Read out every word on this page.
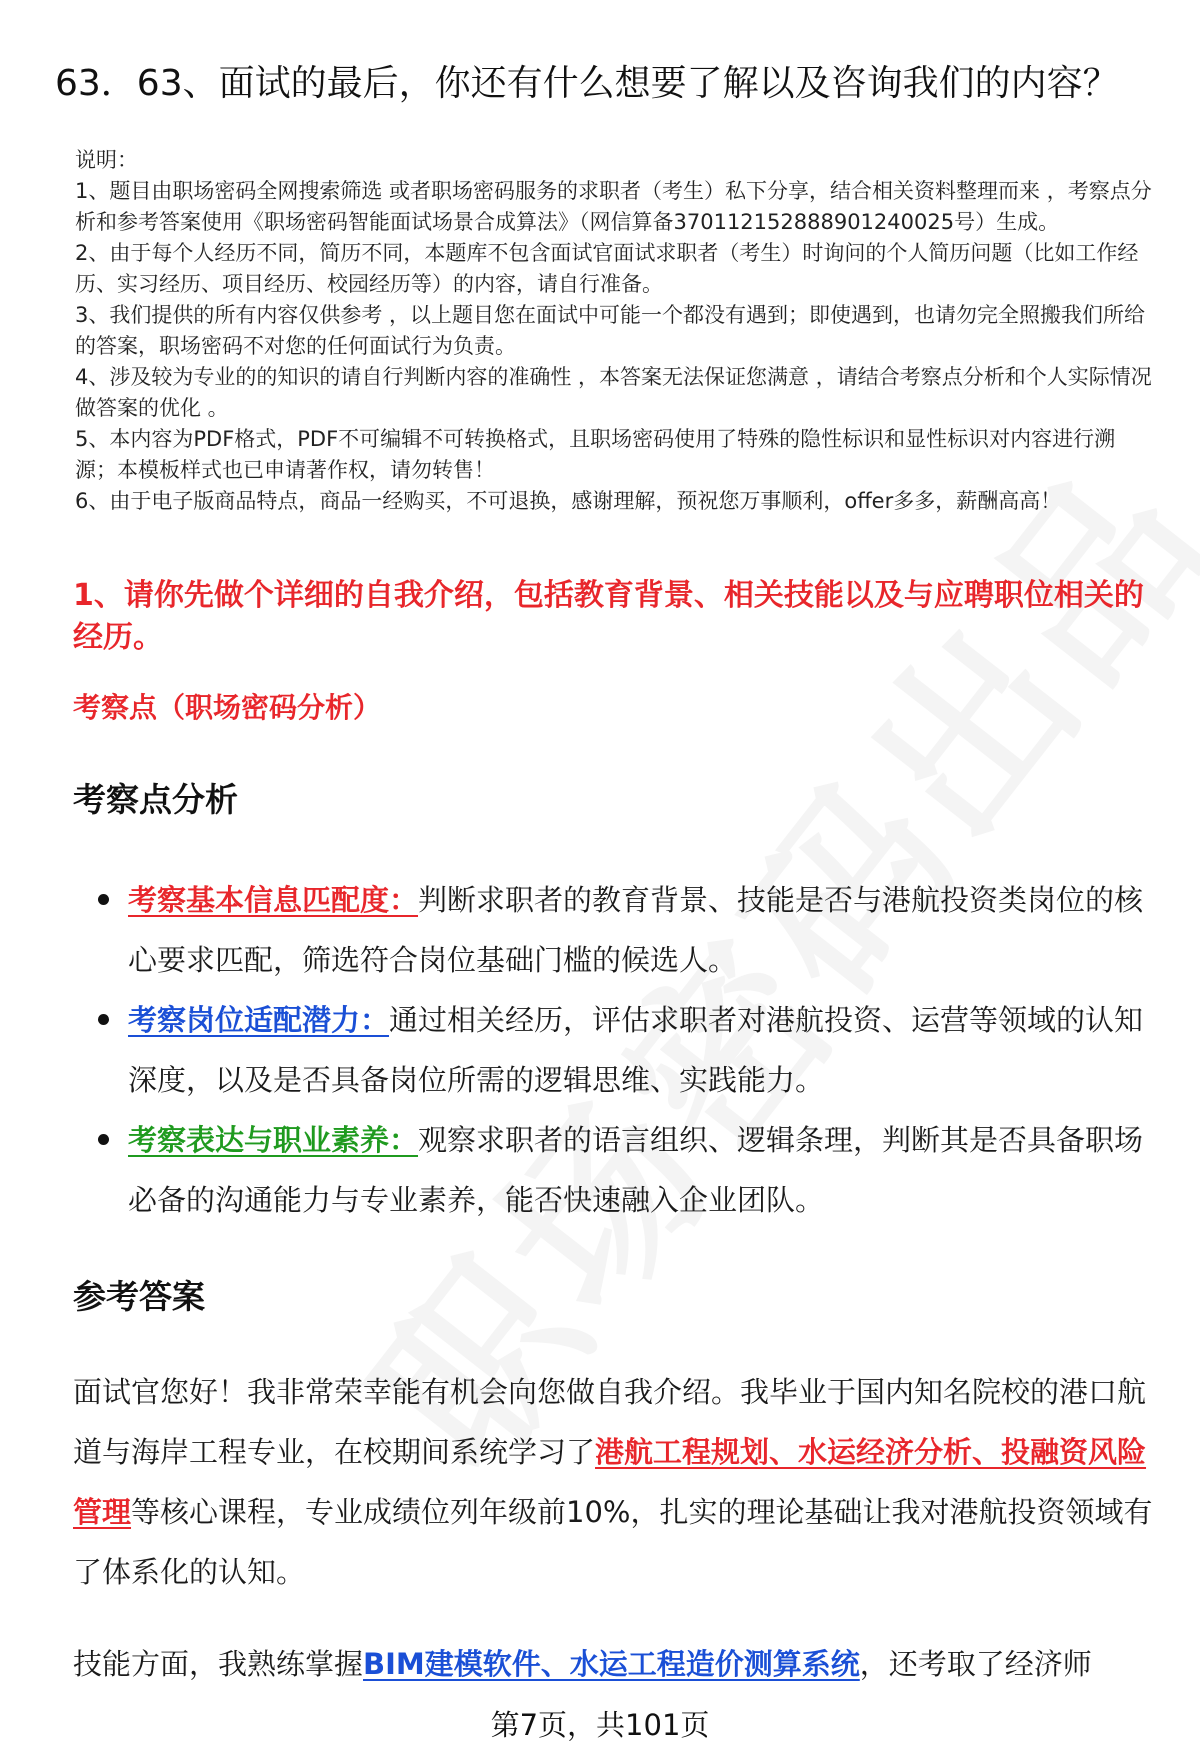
63．63、面试的最后，你还有什么想要了解以及咨询我们的内容？

说明：

1、题目由职场密码全网搜索筛选 或者职场密码服务的求职者（考生）私下分享，结合相关资料整理而来 ，考察点分析和参考答案使用《职场密码智能面试场景合成算法》（网信算备370112152888901240025号）生成。

2、由于每个人经历不同，简历不同，本题库不包含面试官面试求职者（考生）时询问的个人简历问题（比如工作经历、实习经历、项目经历、校园经历等）的内容，请自行准备。

3、我们提供的所有内容仅供参考 ，以上题目您在面试中可能一个都没有遇到；即使遇到，也请勿完全照搬我们所给的答案，职场密码不对您的任何面试行为负责。

4、涉及较为专业的的知识的请自行判断内容的准确性 ，本答案无法保证您满意 ，请结合考察点分析和个人实际情况做答案的优化 。

5、本内容为PDF格式，PDF不可编辑不可转换格式，且职场密码使用了特殊的隐性标识和显性标识对内容进行溯源；本模板样式也已申请著作权，请勿转售！

6、由于电子版商品特点，商品一经购买，不可退换，感谢理解，预祝您万事顺利，offer多多，薪酬高高！

1、请你先做个详细的自我介绍，包括教育背景、相关技能以及与应聘职位相关的经历。
考察点（职场密码分析）
考察点分析
考察基本信息匹配度：判断求职者的教育背景、技能是否与港航投资类岗位的核心要求匹配，筛选符合岗位基础门槛的候选人。
考察岗位适配潜力：通过相关经历，评估求职者对港航投资、运营等领域的认知深度，以及是否具备岗位所需的逻辑思维、实践能力。
考察表达与职业素养：观察求职者的语言组织、逻辑条理，判断其是否具备职场必备的沟通能力与专业素养，能否快速融入企业团队。
参考答案

面试官您好！我非常荣幸能有机会向您做自我介绍。我毕业于国内知名院校的港口航道与海岸工程专业，在校期间系统学习了港航工程规划、水运经济分析、投融资风险管理等核心课程，专业成绩位列年级前10%，扎实的理论基础让我对港航投资领域有了体系化的认知。

技能方面，我熟练掌握BIM建模软件、水运工程造价测算系统，还考取了经济师

第7页，共101页
